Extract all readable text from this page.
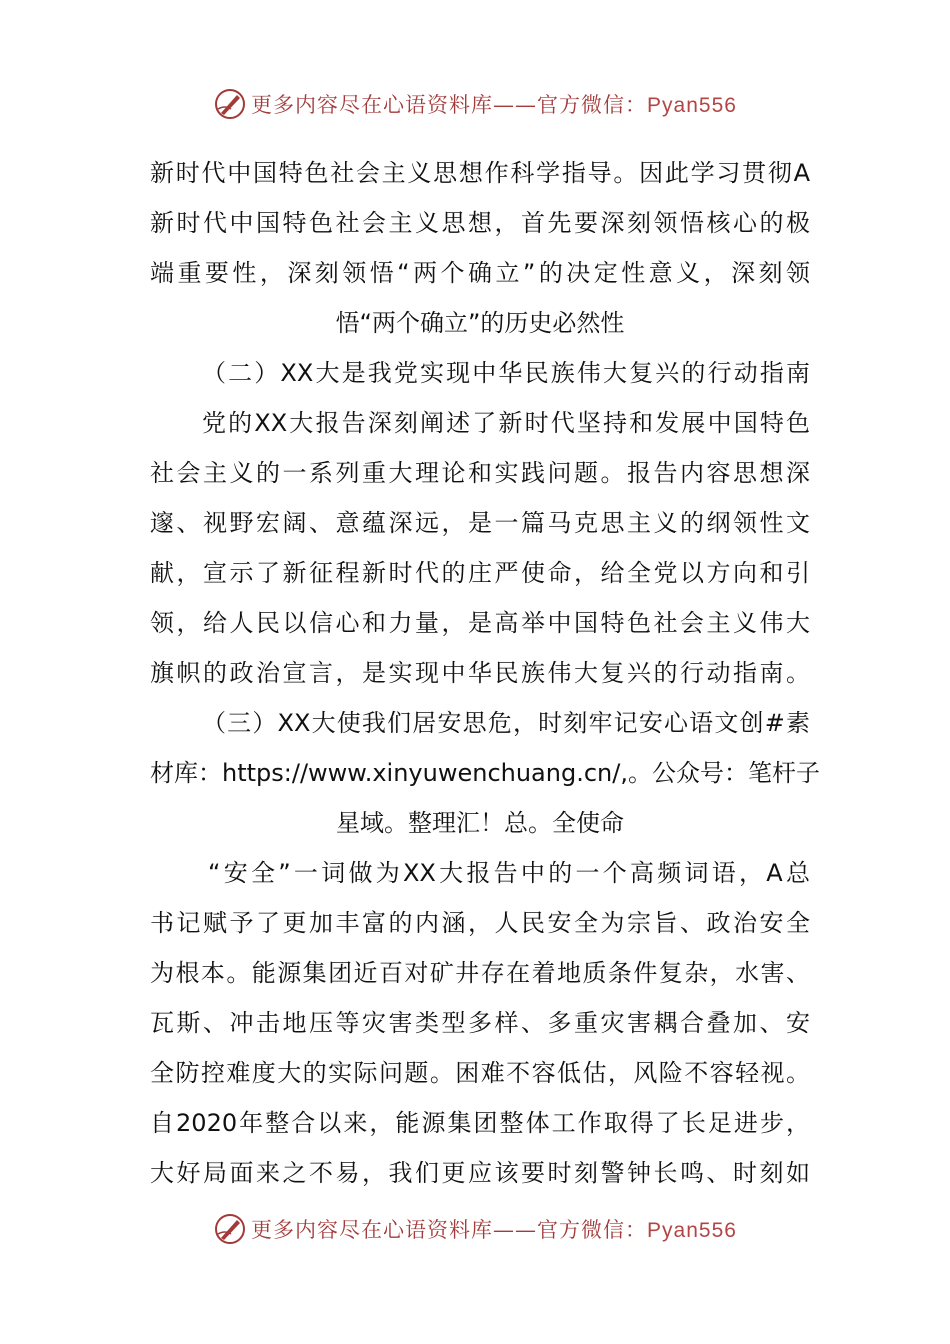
更多内容尽在心语资料库——官方微信：Pyan556
新时代中国特色社会主义思想作科学指导。因此学习贯彻A
新时代中国特色社会主义思想，首先要深刻领悟核心的极
端重要性，深刻领悟“两个确立”的决定性意义，深刻领
悟“两个确立”的历史必然性
（二）XX大是我党实现中华民族伟大复兴的行动指南
党的XX大报告深刻阐述了新时代坚持和发展中国特色
社会主义的一系列重大理论和实践问题。报告内容思想深
邃、视野宏阔、意蕴深远，是一篇马克思主义的纲领性文
献，宣示了新征程新时代的庄严使命，给全党以方向和引
领，给人民以信心和力量，是高举中国特色社会主义伟大
旗帜的政治宣言，是实现中华民族伟大复兴的行动指南。
（三）XX大使我们居安思危，时刻牢记安心语文创#素
材库：https://www.xinyuwenchuang.cn/,。公众号：笔杆子
星域。整理汇！总。全使命
“安全”一词做为XX大报告中的一个高频词语，A总
书记赋予了更加丰富的内涵，人民安全为宗旨、政治安全
为根本。能源集团近百对矿井存在着地质条件复杂，水害、
瓦斯、冲击地压等灾害类型多样、多重灾害耦合叠加、安
全防控难度大的实际问题。困难不容低估，风险不容轻视。
自2020年整合以来，能源集团整体工作取得了长足进步，
大好局面来之不易，我们更应该要时刻警钟长鸣、时刻如
更多内容尽在心语资料库——官方微信：Pyan556
